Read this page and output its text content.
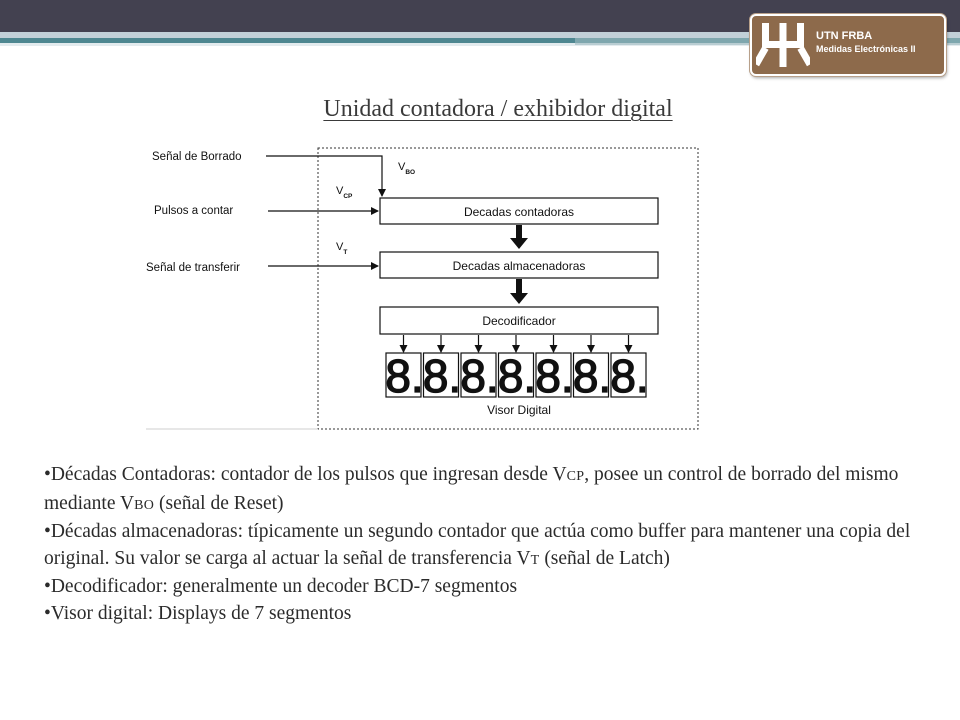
UTN FRBA
Medidas Electrónicas II
Unidad contadora / exhibidor digital
Señal de Borrado
Pulsos a contar
Señal de transferir
$V_{BO}$
$V_{CP}$
$V_T$
Decadas contadoras
Decadas almacenadoras
Decodificador
8. 8. 8. 8. 8. 8. 8.
Visor Digital

•Décadas Contadoras: contador de los pulsos que ingresan desde VCP, posee un control de borrado del mismo mediante VBO (señal de Reset)

•Décadas almacenadoras: típicamente un segundo contador que actúa como buffer para mantener una copia del original. Su valor se carga al actuar la señal de transferencia VT (señal de Latch)

•Decodificador: generalmente un decoder BCD-7 segmentos

•Visor digital: Displays de 7 segmentos
